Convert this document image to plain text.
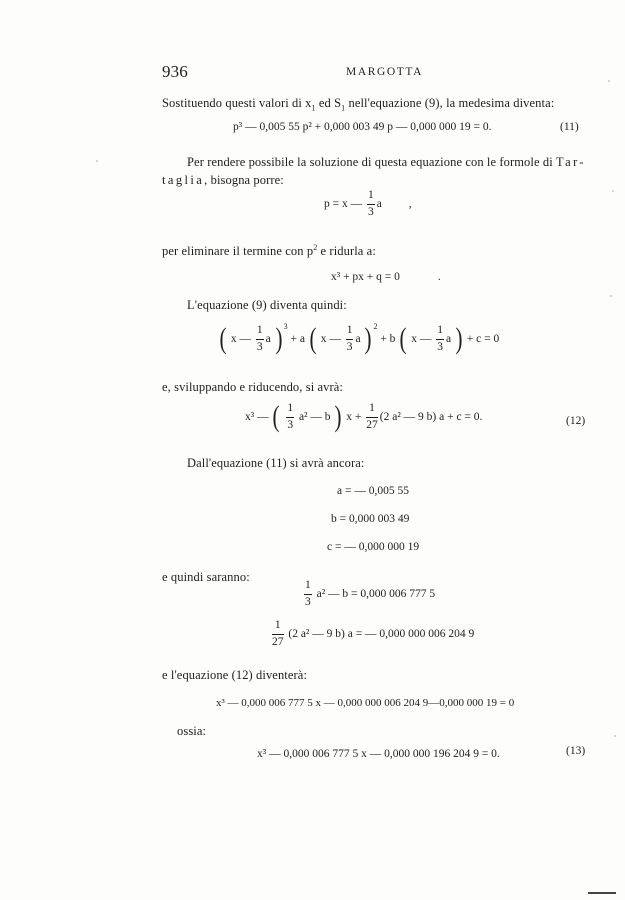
936	MARGOTTA
Sostituendo questi valori di $x_1$ ed $S_1$ nell'equazione (9), la medesima diventa:
p³ — 0,005 55 p² + 0,000 003 49 p — 0,000 000 19 = 0.	(11)
Per rendere possibile la soluzione di questa equazione con le formole di Tar-
taglia, bisogna porre:
p = x — $\frac{1}{3}$ a ,
per eliminare il termine con $p^2$ e ridurla a:
x³ + px + q = 0	.
L'equazione (9) diventa quindi:
( x — $\frac{1}{3}$ a ) $^3$ + a ( x — $\frac{1}{3}$ a ) $^2$ + b ( x — $\frac{1}{3}$ a ) + c = 0
e, sviluppando e riducendo, si avrà:
x³ — ( $\frac{1}{3} a^2$ — b ) $x + \frac{1}{27} (2$ a² — 9 b) a + c = 0.	(12)
Dall'equazione (11) si avrà ancora:
a = — 0,005 55
b = 0,000 003 49
c = — 0,000 000 19
e quindi saranno:
$\frac{1}{3} a^2$ — b = 0,000 006 777 5
$\frac{1}{27} (2$ a² — 9 b) a = — 0,000 000 006 204 9
e l'equazione (12) diventerà:
x³ — 0,000 006 777 5 x — 0,000 000 006 204 9—0,000 000 19 = 0
ossia:
x³ — 0,000 006 777 5 x — 0,000 000 196 204 9 = 0.	(13)
